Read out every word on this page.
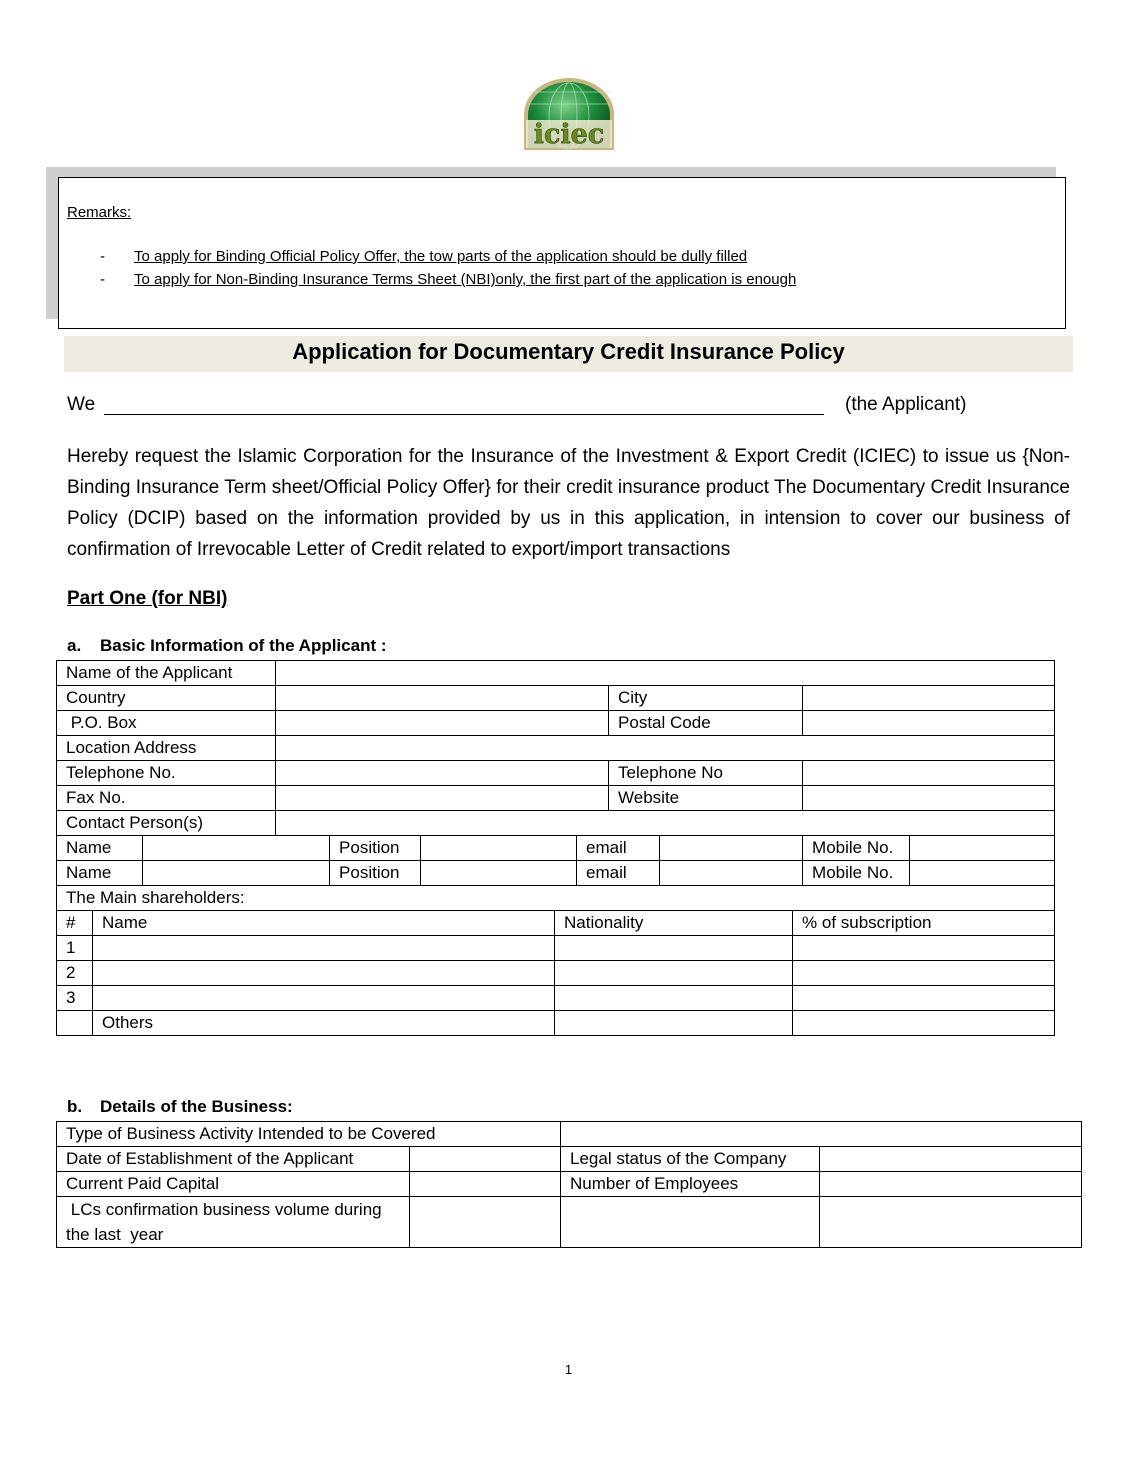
iciec
Remarks:
- To apply for Binding Official Policy Offer, the tow parts of the application should be dully filled
- To apply for Non-Binding Insurance Terms Sheet (NBI)only, the first part of the application is enough
Application for Documentary Credit Insurance Policy
We	(the Applicant)
Hereby request the Islamic Corporation for the Insurance of the Investment & Export Credit (ICIEC) to issue us {Non-Binding Insurance Term sheet/Official Policy Offer} for their credit insurance product The Documentary Credit Insurance Policy (DCIP) based on the information provided by us in this application, in intension to cover our business of confirmation of Irrevocable Letter of Credit related to export/import transactions
Part One (for NBI)
a. Basic Information of the Applicant :
Name of the Applicant												
Country								City				
P.O. Box								Postal Code				
Location Address												
Telephone No.								Telephone No				
Fax No.								Website				
Contact Person(s)												
Name				Position			email				Mobile No.	
Name				Position			email				Mobile No.	
The Main shareholders:												
#	Name					Nationality				% of subscription		
1												
2												
3												
	Others											
b. Details of the Business:
Type of Business Activity Intended to be Covered			
Date of Establishment of the Applicant		Legal status of the Company	
Current Paid Capital		Number of Employees	
LCs confirmation business volume during the last  year			
1
